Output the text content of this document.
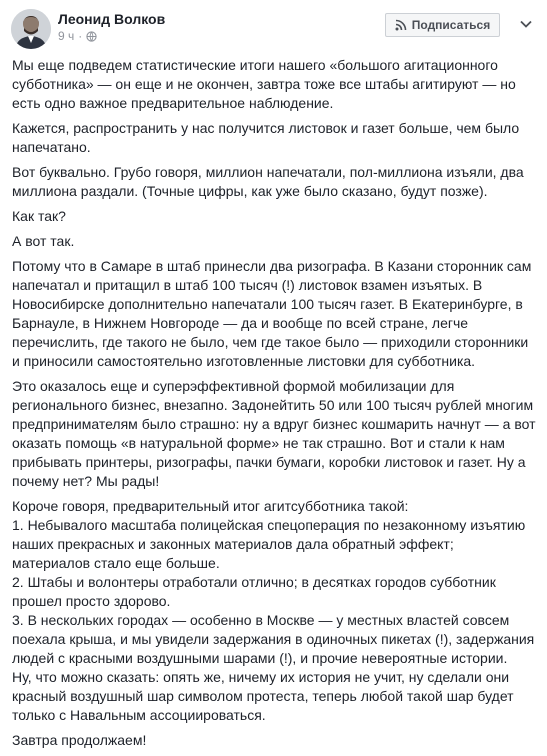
Леонид Волков
9 ч ·
Подписаться

Мы еще подведем статистические итоги нашего «большого агитационного
субботника» — он еще и не окончен, завтра тоже все штабы агитируют — но
есть одно важное предварительное наблюдение.

Кажется, распространить у нас получится листовок и газет больше, чем было
напечатано.

Вот буквально. Грубо говоря, миллион напечатали, пол-миллиона изъяли, два
миллиона раздали. (Точные цифры, как уже было сказано, будут позже).

Как так?

А вот так.

Потому что в Самаре в штаб принесли два ризографа. В Казани сторонник сам
напечатал и притащил в штаб 100 тысяч (!) листовок взамен изъятых. В
Новосибирске дополнительно напечатали 100 тысяч газет. В Екатеринбурге, в
Барнауле, в Нижнем Новгороде — да и вообще по всей стране, легче
перечислить, где такого не было, чем где такое было — приходили сторонники
и приносили самостоятельно изготовленные листовки для субботника.

Это оказалось еще и суперэффективной формой мобилизации для
регионального бизнес, внезапно. Задонейтить 50 или 100 тысяч рублей многим
предпринимателям было страшно: ну а вдруг бизнес кошмарить начнут — а вот
оказать помощь «в натуральной форме» не так страшно. Вот и стали к нам
прибывать принтеры, ризографы, пачки бумаги, коробки листовок и газет. Ну а
почему нет? Мы рады!

Короче говоря, предварительный итог агитсубботника такой:
1. Небывалого масштаба полицейская спецоперация по незаконному изъятию
наших прекрасных и законных материалов дала обратный эффект;
материалов стало еще больше.
2. Штабы и волонтеры отработали отлично; в десятках городов субботник
прошел просто здорово.
3. В нескольких городах — особенно в Москве — у местных властей совсем
поехала крыша, и мы увидели задержания в одиночных пикетах (!), задержания
людей с красными воздушными шарами (!), и прочие невероятные истории.
Ну, что можно сказать: опять же, ничему их история не учит, ну сделали они
красный воздушный шар символом протеста, теперь любой такой шар будет
только с Навальным ассоциироваться.

Завтра продолжаем!
